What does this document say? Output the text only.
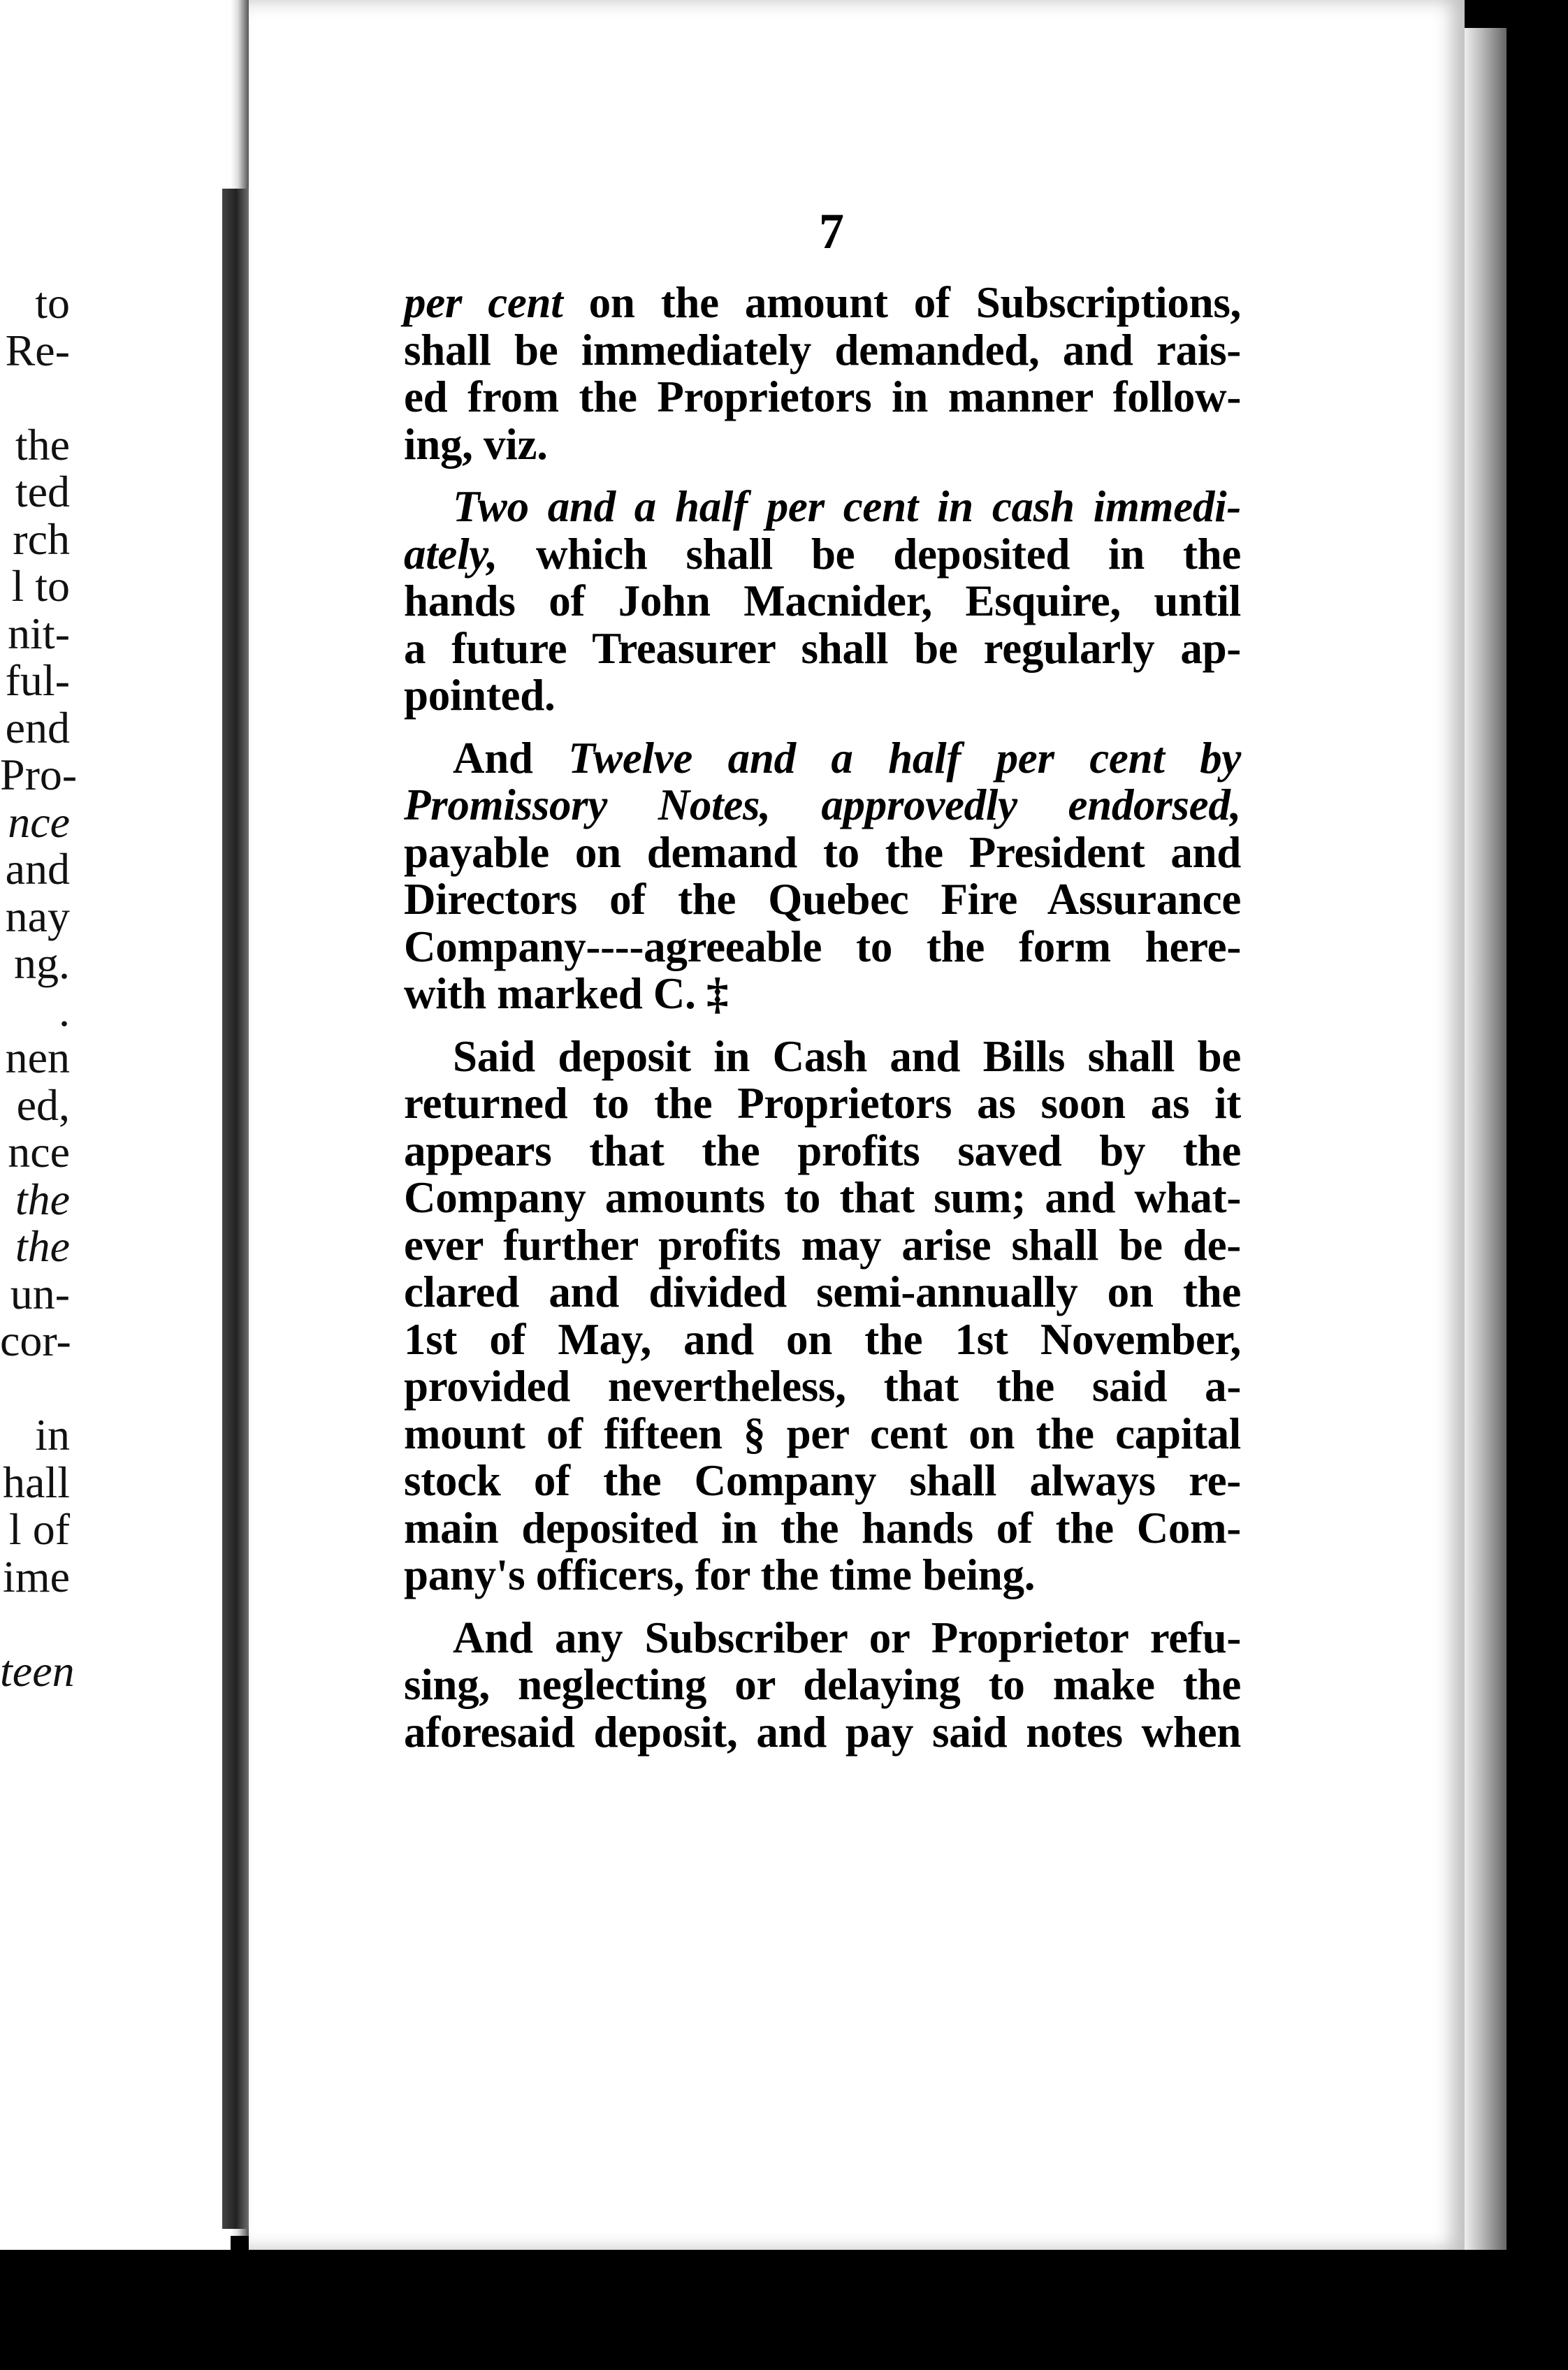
to
Re-
the
ted
rch
l to
nit-
ful-
end
Pro-
nce
and
nay
ng.
.
nen
ed,
nce
the
the
un-
cor-
in
hall
l of
ime
teen
7
per cent on the amount of Subscriptions,
shall be immediately demanded, and rais-
ed from the Proprietors in manner follow-
ing, viz.
Two and a half per cent in cash immedi-
ately, which shall be deposited in the
hands of John Macnider, Esquire, until
a future Treasurer shall be regularly ap-
pointed.
And Twelve and a half per cent by
Promissory Notes, approvedly endorsed,
payable on demand to the President and
Directors of the Quebec Fire Assurance
Company----agreeable to the form here-
with marked C. ‡
Said deposit in Cash and Bills shall be
returned to the Proprietors as soon as it
appears that the profits saved by the
Company amounts to that sum; and what-
ever further profits may arise shall be de-
clared and divided semi-annually on the
1st of May, and on the 1st November,
provided nevertheless, that the said a-
mount of fifteen § per cent on the capital
stock of the Company shall always re-
main deposited in the hands of the Com-
pany's officers, for the time being.
And any Subscriber or Proprietor refu-
sing, neglecting or delaying to make the
aforesaid deposit, and pay said notes when
